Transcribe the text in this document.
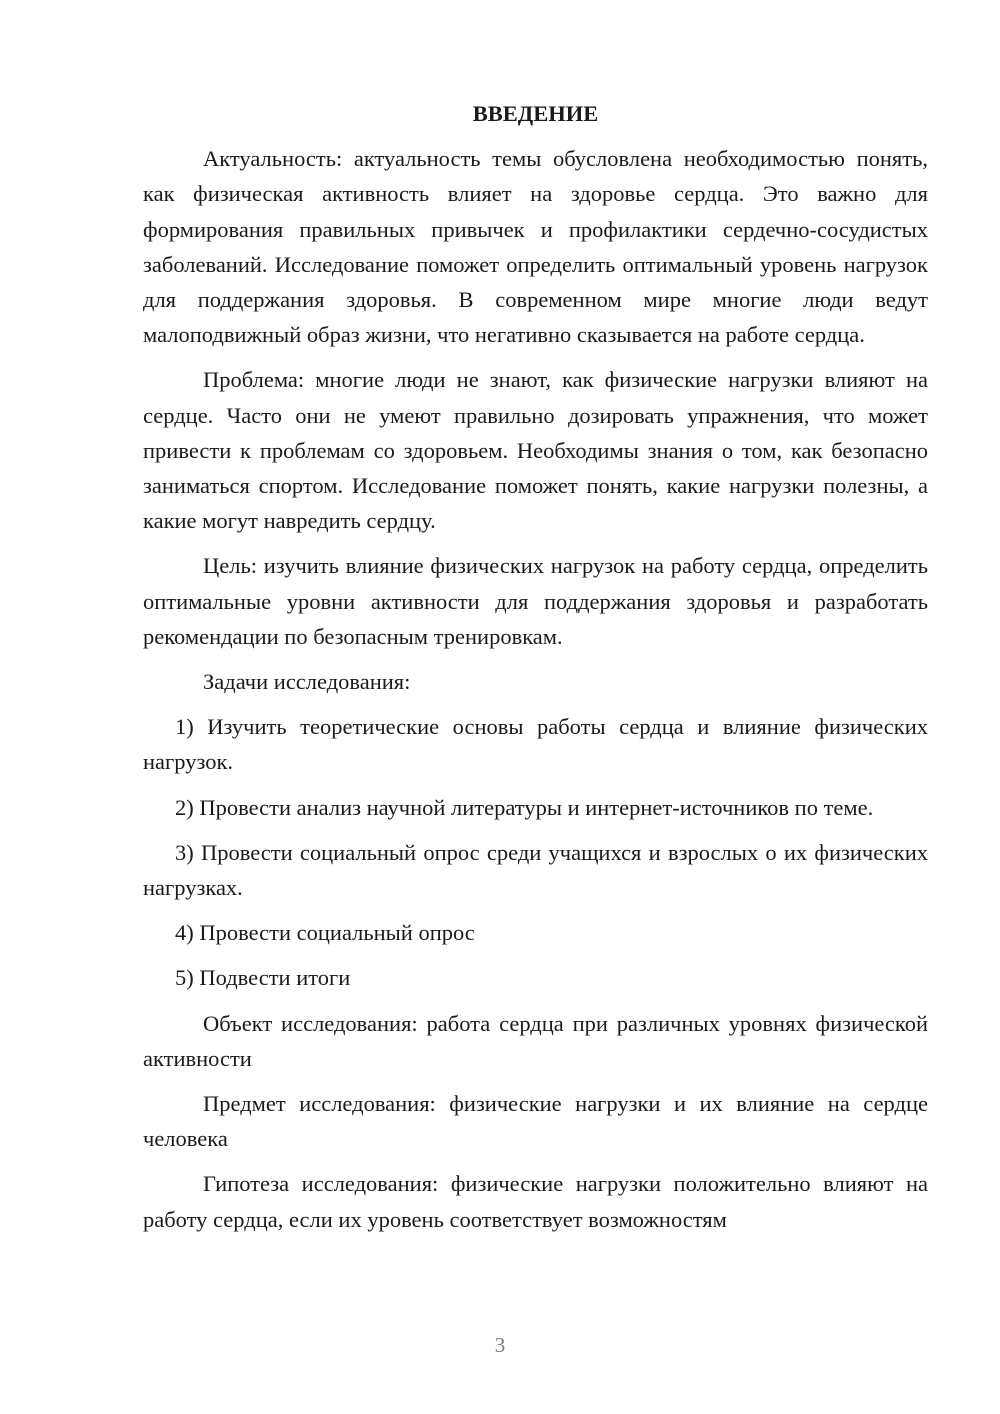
ВВЕДЕНИЕ

Актуальность: актуальность темы обусловлена необходимостью понять, как физическая активность влияет на здоровье сердца. Это важно для формирования правильных привычек и профилактики сердечно-сосудистых заболеваний. Исследование поможет определить оптимальный уровень нагрузок для поддержания здоровья. В современном мире многие люди ведут малоподвижный образ жизни, что негативно сказывается на работе сердца.

Проблема: многие люди не знают, как физические нагрузки влияют на сердце. Часто они не умеют правильно дозировать упражнения, что может привести к проблемам со здоровьем. Необходимы знания о том, как безопасно заниматься спортом. Исследование поможет понять, какие нагрузки полезны, а какие могут навредить сердцу.

Цель: изучить влияние физических нагрузок на работу сердца, определить оптимальные уровни активности для поддержания здоровья и разработать рекомендации по безопасным тренировкам.

Задачи исследования:

1) Изучить теоретические основы работы сердца и влияние физических нагрузок.

2) Провести анализ научной литературы и интернет-источников по теме.

3) Провести социальный опрос среди учащихся и взрослых о их физических нагрузках.

4) Провести социальный опрос

5) Подвести итоги

Объект исследования: работа сердца при различных уровнях физической активности

Предмет исследования: физические нагрузки и их влияние на сердце человека

Гипотеза исследования: физические нагрузки положительно влияют на работу сердца, если их уровень соответствует возможностям

3
